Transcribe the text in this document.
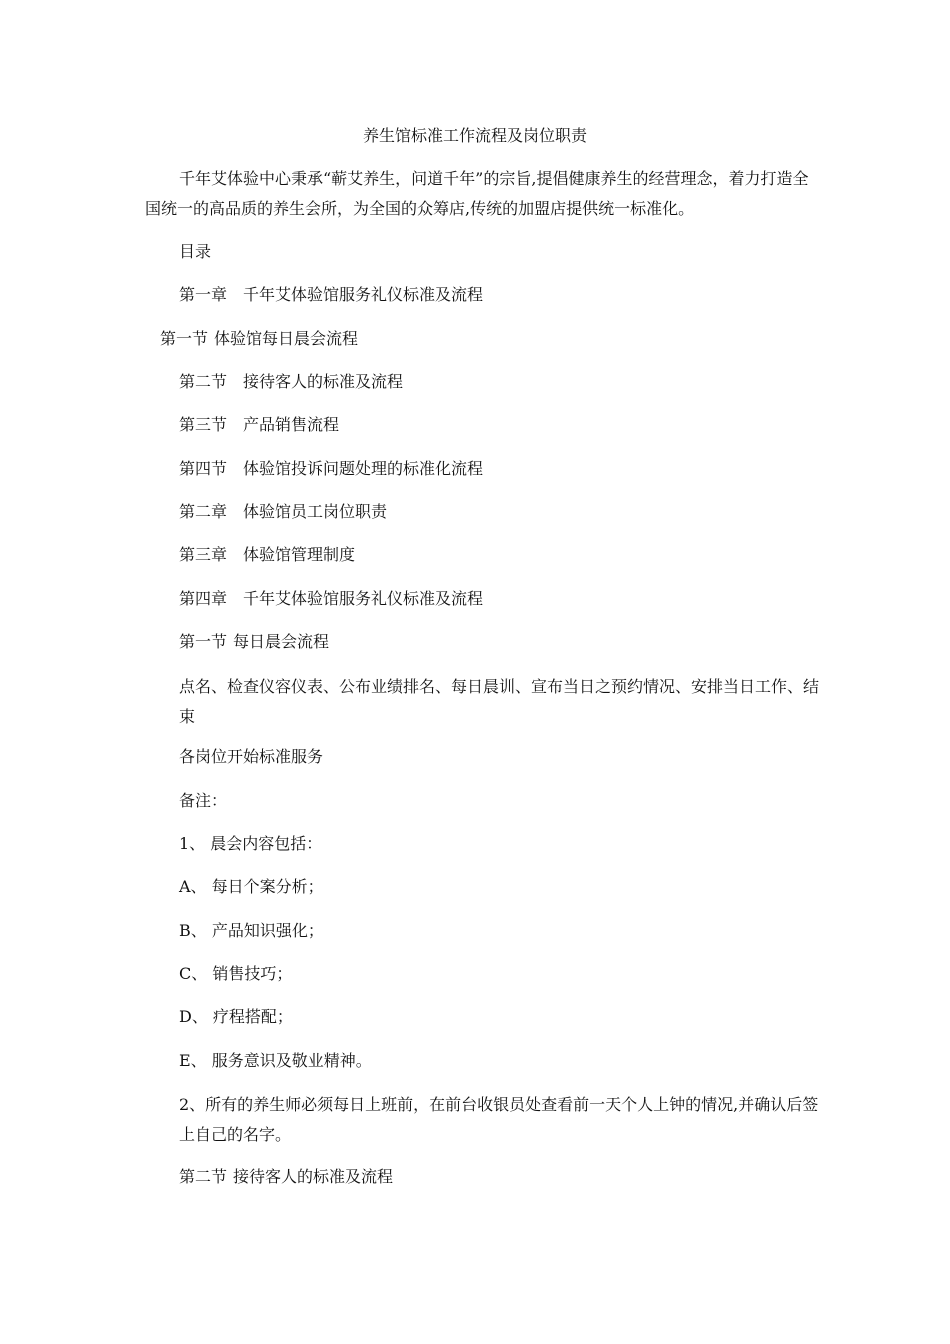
养生馆标准工作流程及岗位职责
千年艾体验中心秉承“蕲艾养生，问道千年”的宗旨,提倡健康养生的经营理念，着力打造全国统一的高品质的养生会所，为全国的众筹店,传统的加盟店提供统一标准化。
目录
第一章 千年艾体验馆服务礼仪标准及流程
第一节 体验馆每日晨会流程
第二节 接待客人的标准及流程
第三节 产品销售流程
第四节 体验馆投诉问题处理的标准化流程
第二章 体验馆员工岗位职责
第三章 体验馆管理制度
第四章 千年艾体验馆服务礼仪标准及流程
第一节 每日晨会流程
点名、检查仪容仪表、公布业绩排名、每日晨训、宣布当日之预约情况、安排当日工作、结束
各岗位开始标准服务
备注：
1、 晨会内容包括：
A、 每日个案分析；
B、 产品知识强化；
C、 销售技巧；
D、 疗程搭配；
E、 服务意识及敬业精神。
2、所有的养生师必须每日上班前，在前台收银员处查看前一天个人上钟的情况,并确认后签上自己的名字。
第二节 接待客人的标准及流程
